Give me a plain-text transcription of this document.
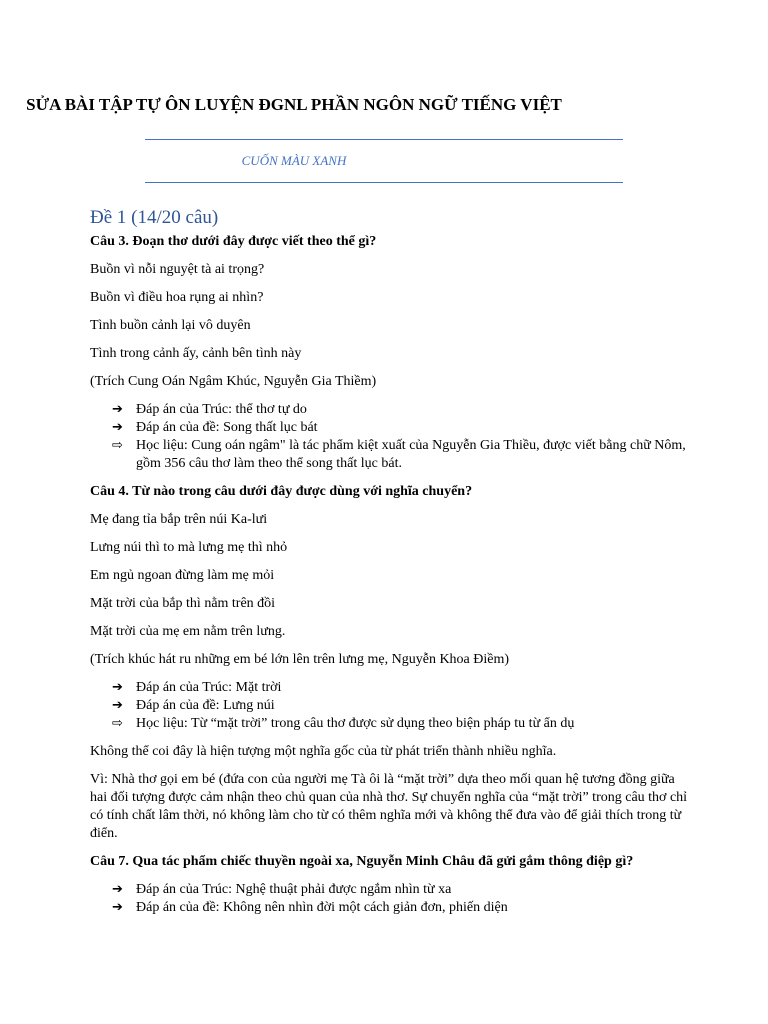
SỬA BÀI TẬP TỰ ÔN LUYỆN ĐGNL PHẦN NGÔN NGỮ TIẾNG VIỆT
CUỐN MÀU XANH
Đề 1 (14/20 câu)
Câu 3. Đoạn thơ dưới đây được viết theo thể gì?
Buồn vì nỗi nguyệt tà ai trọng?
Buồn vì điều hoa rụng ai nhìn?
Tình buồn cảnh lại vô duyên
Tình trong cảnh ấy, cảnh bên tình này
(Trích Cung Oán Ngâm Khúc, Nguyễn Gia Thiềm)
➔ Đáp án của Trúc: thể thơ tự do
➔ Đáp án của đề: Song thất lục bát
⇨ Học liệu: Cung oán ngâm" là tác phẩm kiệt xuất của Nguyễn Gia Thiều, được viết bằng chữ Nôm, gồm 356 câu thơ làm theo thể song thất lục bát.
Câu 4. Từ nào trong câu dưới đây được dùng với nghĩa chuyển?
Mẹ đang tỉa bắp trên núi Ka-lưi
Lưng núi thì to mà lưng mẹ thì nhỏ
Em ngủ ngoan đừng làm mẹ mỏi
Mặt trời của bắp thì nằm trên đồi
Mặt trời của mẹ em nằm trên lưng.
(Trích khúc hát ru những em bé lớn lên trên lưng mẹ, Nguyễn Khoa Điềm)
➔ Đáp án của Trúc: Mặt trời
➔ Đáp án của đề: Lưng núi
⇨ Học liệu: Từ “mặt trời” trong câu thơ được sử dụng theo biện pháp tu từ ẩn dụ
Không thể coi đây là hiện tượng một nghĩa gốc của từ phát triển thành nhiều nghĩa.
Vì: Nhà thơ gọi em bé (đứa con của người mẹ Tà ôi là “mặt trời” dựa theo mối quan hệ tương đồng giữa hai đối tượng được cảm nhận theo chủ quan của nhà thơ. Sự chuyển nghĩa của “mặt trời” trong câu thơ chỉ có tính chất lâm thời, nó không làm cho từ có thêm nghĩa mới và không thể đưa vào để giải thích trong từ điển.
Câu 7. Qua tác phẩm chiếc thuyền ngoài xa, Nguyễn Minh Châu đã gửi gắm thông điệp gì?
➔ Đáp án của Trúc: Nghệ thuật phải được ngắm nhìn từ xa
➔ Đáp án của đề: Không nên nhìn đời một cách giản đơn, phiến diện
